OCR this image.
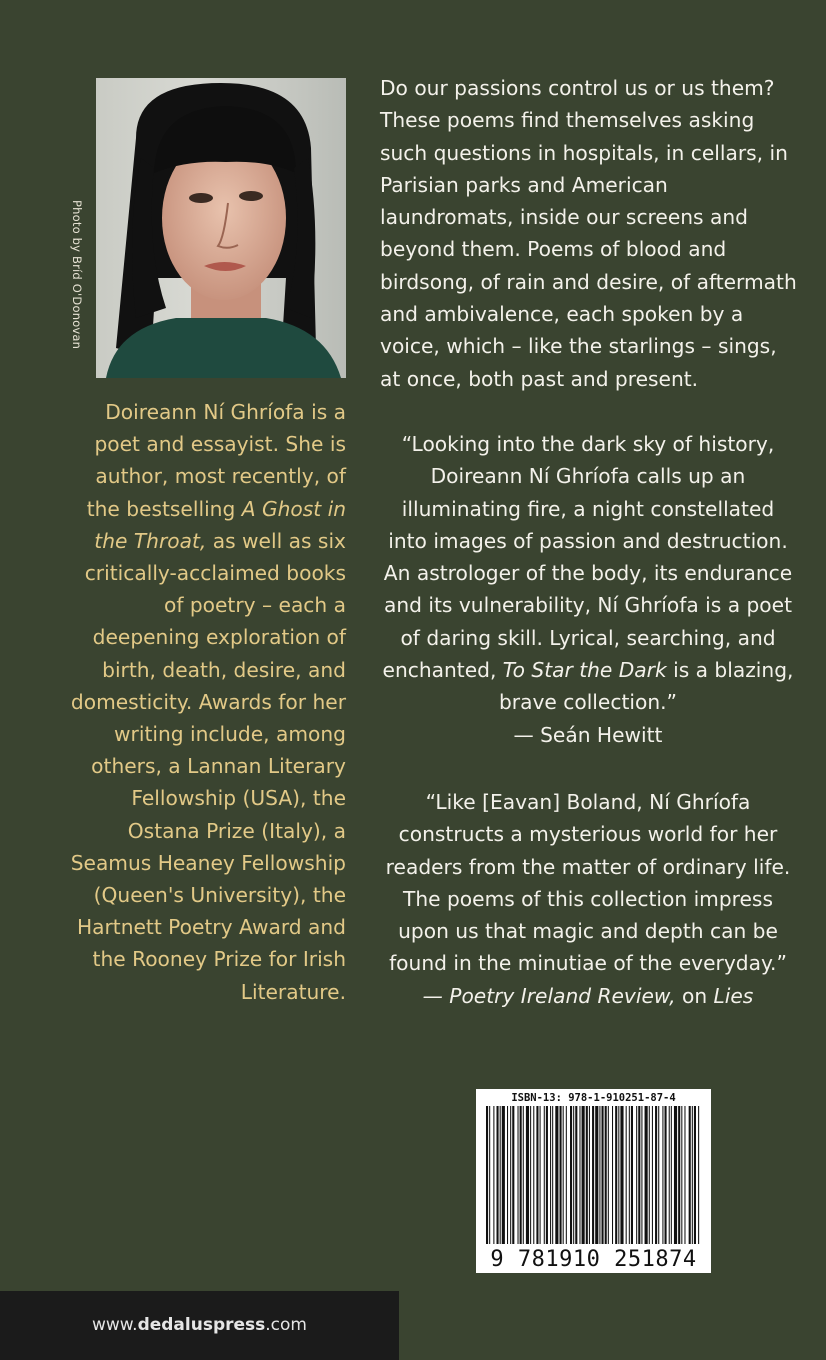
Photo by Bríd O'Donovan
Doireann Ní Ghríofa is a poet and essayist. She is author, most recently, of the bestselling A Ghost in the Throat, as well as six critically-acclaimed books of poetry – each a deepening exploration of birth, death, desire, and domesticity. Awards for her writing include, among others, a Lannan Literary Fellowship (USA), the Ostana Prize (Italy), a Seamus Heaney Fellowship (Queen's University), the Hartnett Poetry Award and the Rooney Prize for Irish Literature.
Do our passions control us or us them? These poems find themselves asking such questions in hospitals, in cellars, in Parisian parks and American laundromats, inside our screens and beyond them. Poems of blood and birdsong, of rain and desire, of aftermath and ambivalence, each spoken by a voice, which – like the starlings – sings, at once, both past and present.
“Looking into the dark sky of history, Doireann Ní Ghríofa calls up an illuminating fire, a night constellated into images of passion and destruction. An astrologer of the body, its endurance and its vulnerability, Ní Ghríofa is a poet of daring skill. Lyrical, searching, and enchanted, To Star the Dark is a blazing, brave collection.”
— Seán Hewitt
“Like [Eavan] Boland, Ní Ghríofa constructs a mysterious world for her readers from the matter of ordinary life. The poems of this collection impress upon us that magic and depth can be found in the minutiae of the everyday.”
— Poetry Ireland Review, on Lies
ISBN-13: 978-1-910251-87-4
9 781910 251874
www.dedaluspress.com
